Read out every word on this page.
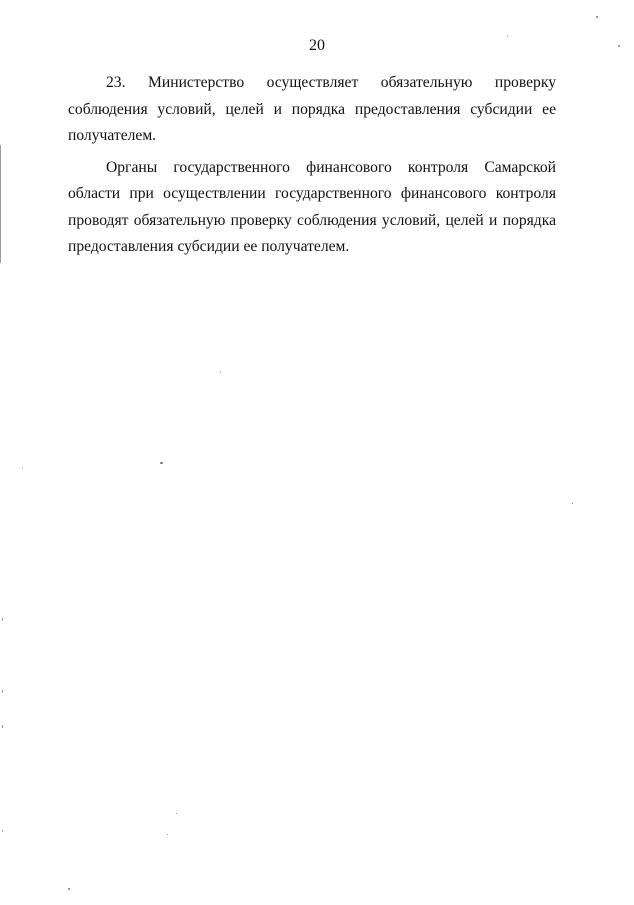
20

23. Министерство осуществляет обязательную проверку соблюдения условий, целей и порядка предоставления субсидии ее получателем.

Органы государственного финансового контроля Самарской области при осуществлении государственного финансового контроля проводят обязательную проверку соблюдения условий, целей и порядка предоставления субсидии ее получателем.
